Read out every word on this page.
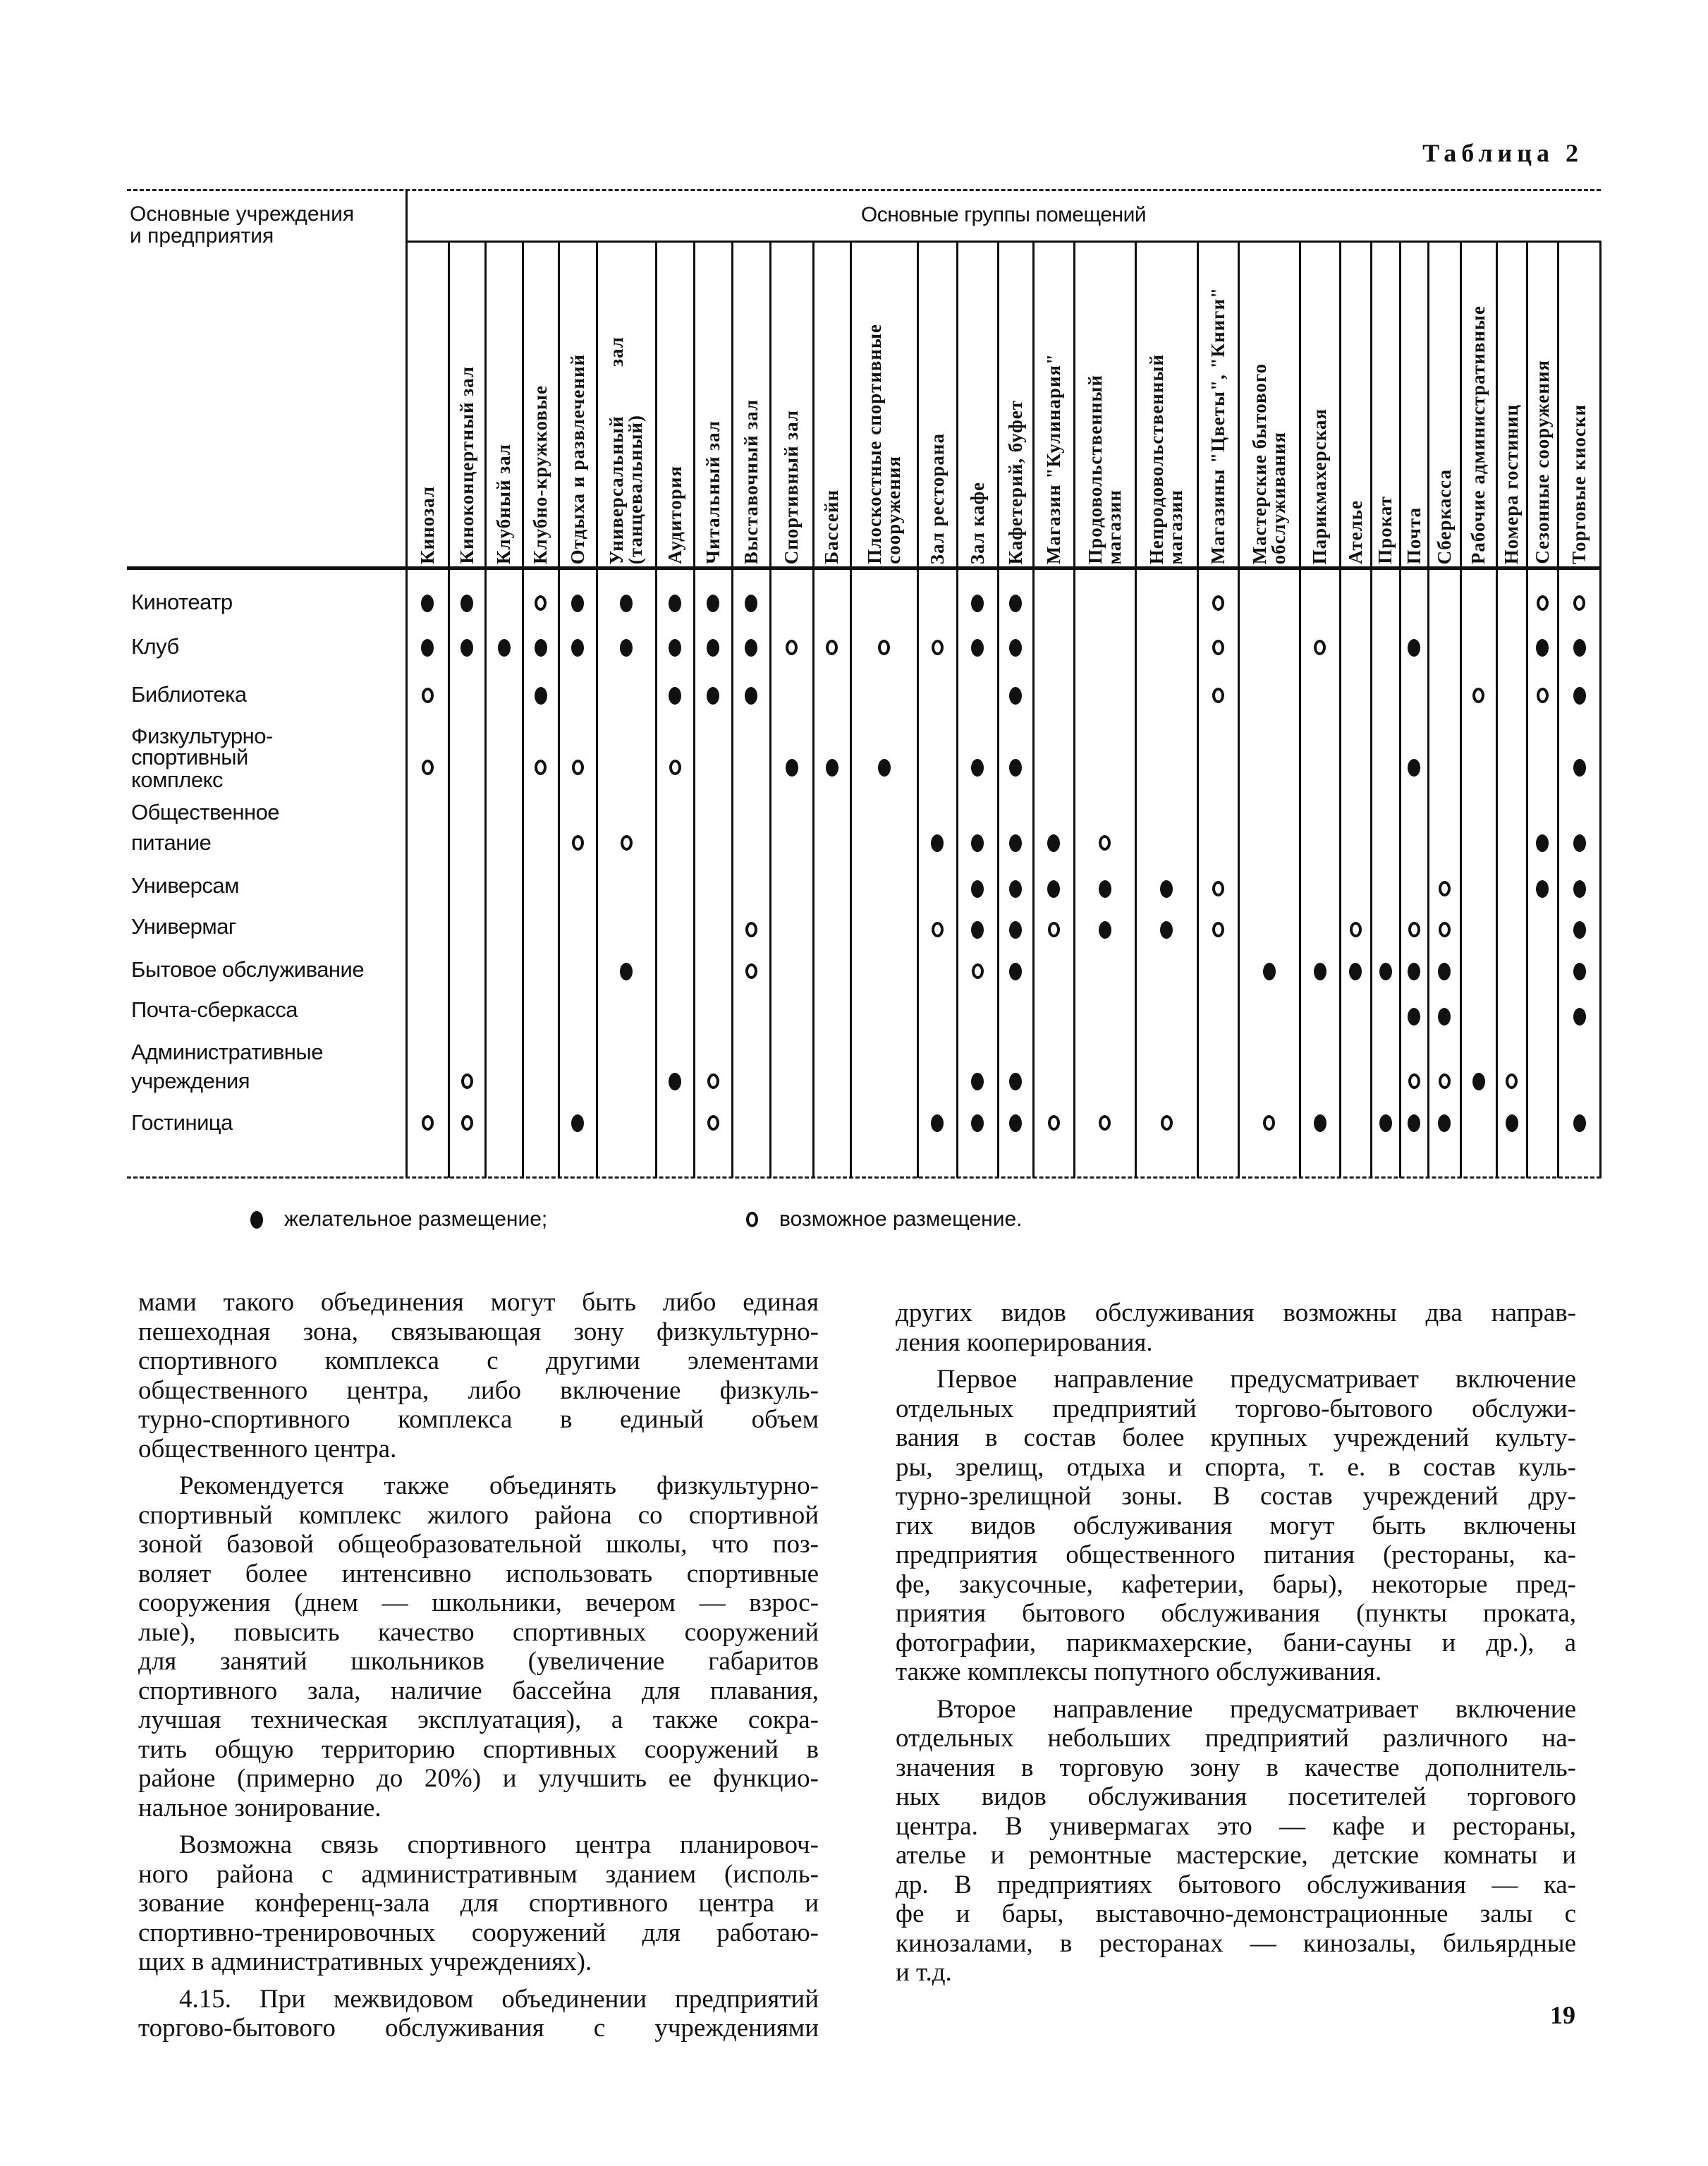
Таблица 2
Основные учреждения
и предприятия
Основные группы помещений
Кинозал Киноконцертный зал Клубный зал Клубно-кружковые Отдыха и развлечений Универсальный         зал
(танцевальный) Аудитория Читальный зал Выставочный зал Спортивный зал Бассейн Плоскостные спортивные
сооружения Зал ресторана Зал кафе Кафетерий, буфет Магазин "Кулинария" Продовольственный
магазин Непродовольственный
магазин Магазины "Цветы", "Книги" Мастерские бытового
обслуживания Парикмахерская Ателье Прокат Почта Сберкасса Рабочие административные Номера гостиниц Сезонные сооружения Торговые киоски
Кинотеатр
Клуб
Библиотека
Физкультурно-
спортивный
комплекс
Общественное
питание
Универсам
Универмаг
Бытовое обслуживание
Почта-сберкасса
Административные
учреждения
Гостиница
желательное размещение;	возможное размещение.
мами такого объединения могут быть либо единая
пешеходная зона, связывающая зону физкультурно-
спортивного комплекса с другими элементами
общественного центра, либо включение физкуль-
турно-спортивного комплекса в единый объем
общественного центра.
Рекомендуется также объединять физкультурно-
спортивный комплекс жилого района со спортивной
зоной базовой общеобразовательной школы, что поз-
воляет более интенсивно использовать спортивные
сооружения (днем — школьники, вечером — взрос-
лые), повысить качество спортивных сооружений
для занятий школьников (увеличение габаритов
спортивного зала, наличие бассейна для плавания,
лучшая техническая эксплуатация), а также сокра-
тить общую территорию спортивных сооружений в
районе (примерно до 20%) и улучшить ее функцио-
нальное зонирование.
Возможна связь спортивного центра планировоч-
ного района с административным зданием (исполь-
зование конференц-зала для спортивного центра и
спортивно-тренировочных сооружений для работаю-
щих в административных учреждениях).
4.15. При межвидовом объединении предприятий
торгово-бытового обслуживания с учреждениями
других видов обслуживания возможны два направ-
ления кооперирования.
Первое направление предусматривает включение
отдельных предприятий торгово-бытового обслужи-
вания в состав более крупных учреждений культу-
ры, зрелищ, отдыха и спорта, т. е. в состав куль-
турно-зрелищной зоны. В состав учреждений дру-
гих видов обслуживания могут быть включены
предприятия общественного питания (рестораны, ка-
фе, закусочные, кафетерии, бары), некоторые пред-
приятия бытового обслуживания (пункты проката,
фотографии, парикмахерские, бани-сауны и др.), а
также комплексы попутного обслуживания.
Второе направление предусматривает включение
отдельных небольших предприятий различного на-
значения в торговую зону в качестве дополнитель-
ных видов обслуживания посетителей торгового
центра. В универмагах это — кафе и рестораны,
ателье и ремонтные мастерские, детские комнаты и
др. В предприятиях бытового обслуживания — ка-
фе и бары, выставочно-демонстрационные залы с
кинозалами, в ресторанах — кинозалы, бильярдные
и т.д.
19
